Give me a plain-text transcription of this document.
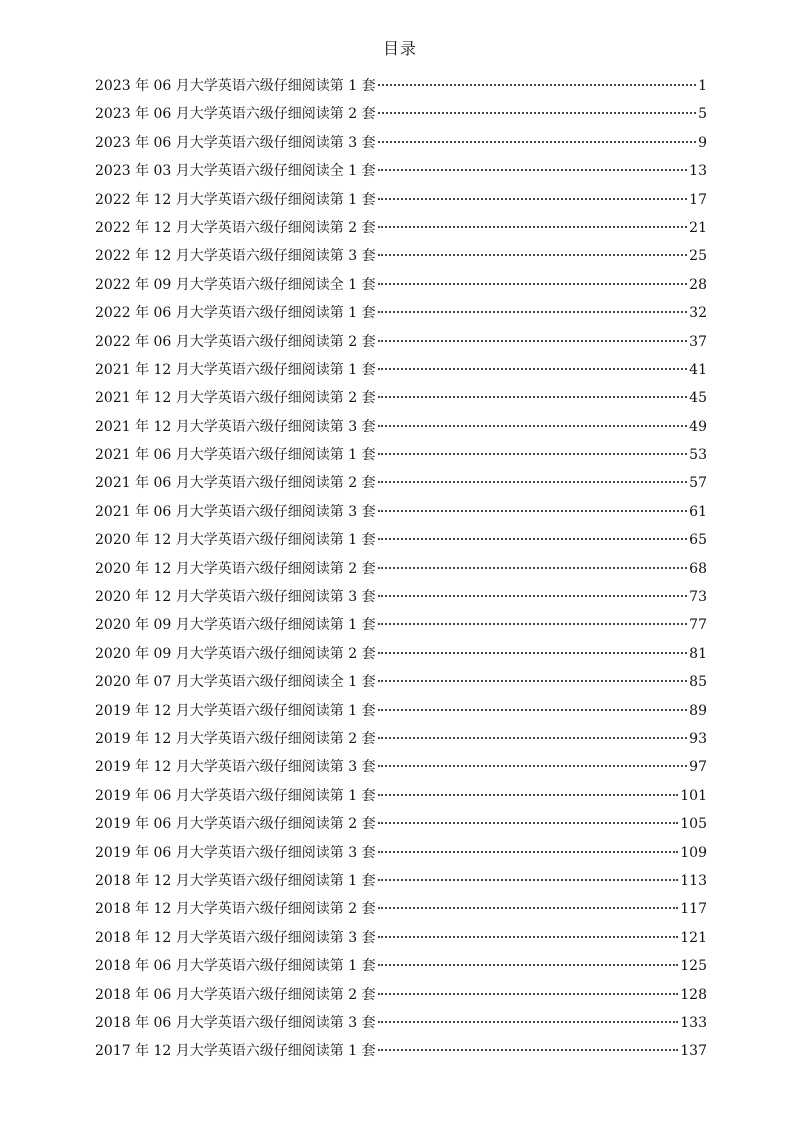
目录
2023 年 06 月大学英语六级仔细阅读第 1 套	1
2023 年 06 月大学英语六级仔细阅读第 2 套	5
2023 年 06 月大学英语六级仔细阅读第 3 套	9
2023 年 03 月大学英语六级仔细阅读全 1 套	13
2022 年 12 月大学英语六级仔细阅读第 1 套	17
2022 年 12 月大学英语六级仔细阅读第 2 套	21
2022 年 12 月大学英语六级仔细阅读第 3 套	25
2022 年 09 月大学英语六级仔细阅读全 1 套	28
2022 年 06 月大学英语六级仔细阅读第 1 套	32
2022 年 06 月大学英语六级仔细阅读第 2 套	37
2021 年 12 月大学英语六级仔细阅读第 1 套	41
2021 年 12 月大学英语六级仔细阅读第 2 套	45
2021 年 12 月大学英语六级仔细阅读第 3 套	49
2021 年 06 月大学英语六级仔细阅读第 1 套	53
2021 年 06 月大学英语六级仔细阅读第 2 套	57
2021 年 06 月大学英语六级仔细阅读第 3 套	61
2020 年 12 月大学英语六级仔细阅读第 1 套	65
2020 年 12 月大学英语六级仔细阅读第 2 套	68
2020 年 12 月大学英语六级仔细阅读第 3 套	73
2020 年 09 月大学英语六级仔细阅读第 1 套	77
2020 年 09 月大学英语六级仔细阅读第 2 套	81
2020 年 07 月大学英语六级仔细阅读全 1 套	85
2019 年 12 月大学英语六级仔细阅读第 1 套	89
2019 年 12 月大学英语六级仔细阅读第 2 套	93
2019 年 12 月大学英语六级仔细阅读第 3 套	97
2019 年 06 月大学英语六级仔细阅读第 1 套	101
2019 年 06 月大学英语六级仔细阅读第 2 套	105
2019 年 06 月大学英语六级仔细阅读第 3 套	109
2018 年 12 月大学英语六级仔细阅读第 1 套	113
2018 年 12 月大学英语六级仔细阅读第 2 套	117
2018 年 12 月大学英语六级仔细阅读第 3 套	121
2018 年 06 月大学英语六级仔细阅读第 1 套	125
2018 年 06 月大学英语六级仔细阅读第 2 套	128
2018 年 06 月大学英语六级仔细阅读第 3 套	133
2017 年 12 月大学英语六级仔细阅读第 1 套	137
